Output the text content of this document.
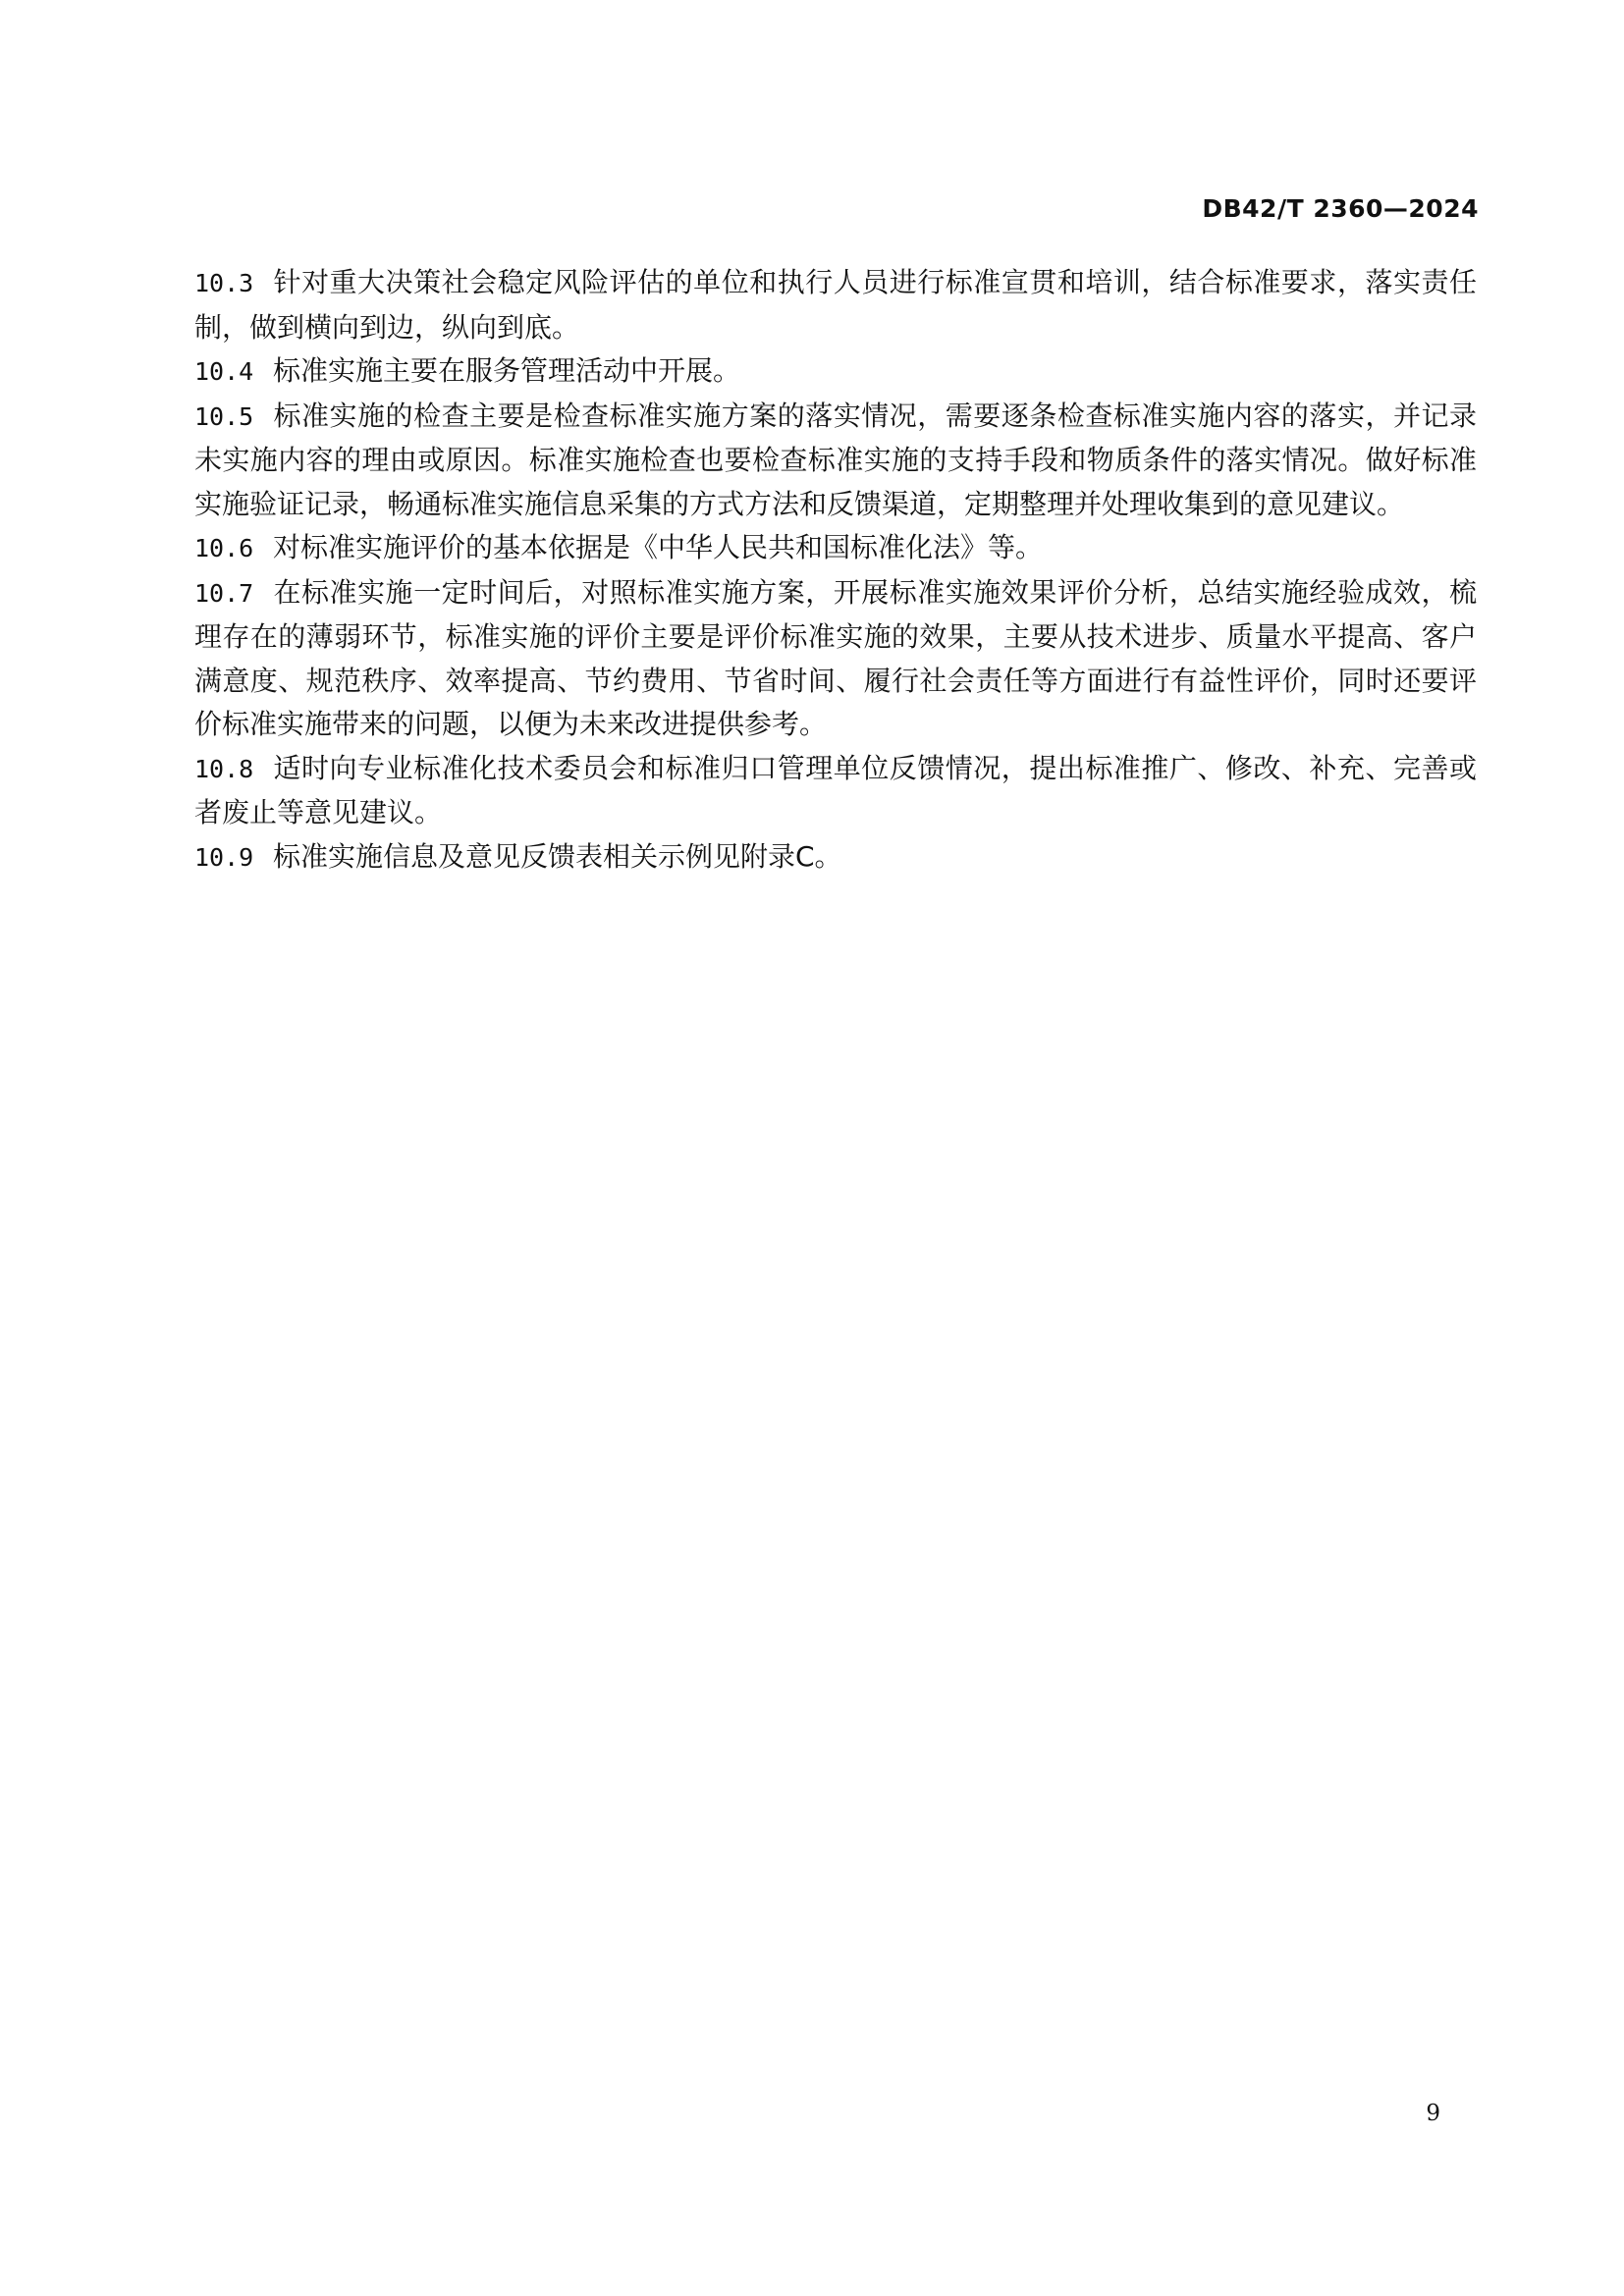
DB42/T 2360—2024

10.3 针对重大决策社会稳定风险评估的单位和执行人员进行标准宣贯和培训，结合标准要求，落实责任制，做到横向到边，纵向到底。

10.4 标准实施主要在服务管理活动中开展。

10.5 标准实施的检查主要是检查标准实施方案的落实情况，需要逐条检查标准实施内容的落实，并记录未实施内容的理由或原因。标准实施检查也要检查标准实施的支持手段和物质条件的落实情况。做好标准实施验证记录，畅通标准实施信息采集的方式方法和反馈渠道，定期整理并处理收集到的意见建议。

10.6 对标准实施评价的基本依据是《中华人民共和国标准化法》等。

10.7 在标准实施一定时间后，对照标准实施方案，开展标准实施效果评价分析，总结实施经验成效，梳理存在的薄弱环节，标准实施的评价主要是评价标准实施的效果，主要从技术进步、质量水平提高、客户满意度、规范秩序、效率提高、节约费用、节省时间、履行社会责任等方面进行有益性评价，同时还要评价标准实施带来的问题，以便为未来改进提供参考。

10.8 适时向专业标准化技术委员会和标准归口管理单位反馈情况，提出标准推广、修改、补充、完善或者废止等意见建议。

10.9 标准实施信息及意见反馈表相关示例见附录C。

9
